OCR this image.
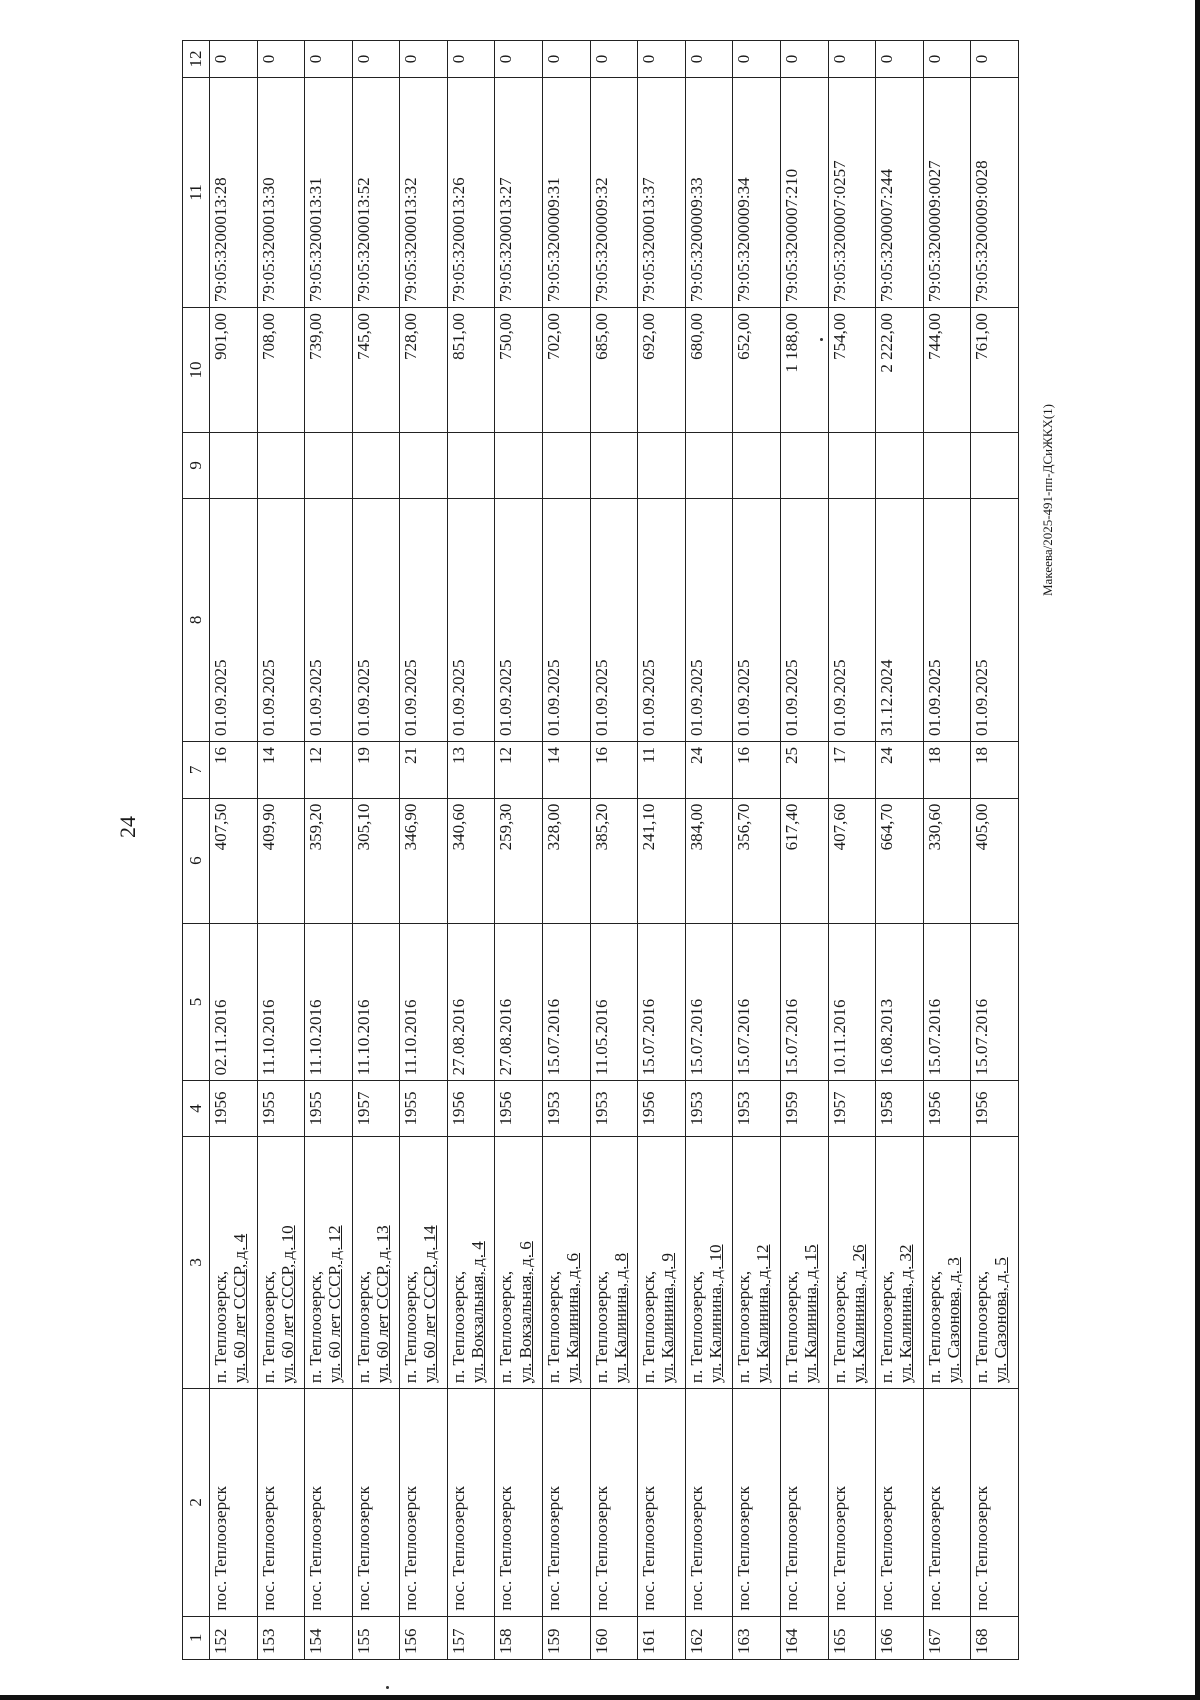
24
Макеева/2025-491-пп-ДСиЖКХ(1)
1	2	3	4	5	6	7	8	9	10	11	12
152	пос. Теплоозерск	п. Теплоозерск, ул. 60 лет СССР, д. 4	1956	02.11.2016	407,50	16	01.09.2025		901,00	79:05:3200013:28	0
153	пос. Теплоозерск	п. Теплоозерск, ул. 60 лет СССР, д. 10	1955	11.10.2016	409,90	14	01.09.2025		708,00	79:05:3200013:30	0
154	пос. Теплоозерск	п. Теплоозерск, ул. 60 лет СССР, д. 12	1955	11.10.2016	359,20	12	01.09.2025		739,00	79:05:3200013:31	0
155	пос. Теплоозерск	п. Теплоозерск, ул. 60 лет СССР, д. 13	1957	11.10.2016	305,10	19	01.09.2025		745,00	79:05:3200013:52	0
156	пос. Теплоозерск	п. Теплоозерск, ул. 60 лет СССР, д. 14	1955	11.10.2016	346,90	21	01.09.2025		728,00	79:05:3200013:32	0
157	пос. Теплоозерск	п. Теплоозерск, ул. Вокзальная, д. 4	1956	27.08.2016	340,60	13	01.09.2025		851,00	79:05:3200013:26	0
158	пос. Теплоозерск	п. Теплоозерск, ул. Вокзальная, д. 6	1956	27.08.2016	259,30	12	01.09.2025		750,00	79:05:3200013:27	0
159	пос. Теплоозерск	п. Теплоозерск, ул. Калинина, д. 6	1953	15.07.2016	328,00	14	01.09.2025		702,00	79:05:3200009:31	0
160	пос. Теплоозерск	п. Теплоозерск, ул. Калинина, д. 8	1953	11.05.2016	385,20	16	01.09.2025		685,00	79:05:3200009:32	0
161	пос. Теплоозерск	п. Теплоозерск, ул. Калинина, д. 9	1956	15.07.2016	241,10	11	01.09.2025		692,00	79:05:3200013:37	0
162	пос. Теплоозерск	п. Теплоозерск, ул. Калинина, д. 10	1953	15.07.2016	384,00	24	01.09.2025		680,00	79:05:3200009:33	0
163	пос. Теплоозерск	п. Теплоозерск, ул. Калинина, д. 12	1953	15.07.2016	356,70	16	01.09.2025		652,00	79:05:3200009:34	0
164	пос. Теплоозерск	п. Теплоозерск, ул. Калинина, д. 15	1959	15.07.2016	617,40	25	01.09.2025		1 188,00	79:05:3200007:210	0
165	пос. Теплоозерск	п. Теплоозерск, ул. Калинина, д. 26	1957	10.11.2016	407,60	17	01.09.2025		754,00	79:05:3200007:0257	0
166	пос. Теплоозерск	п. Теплоозерск, ул. Калинина, д. 32	1958	16.08.2013	664,70	24	31.12.2024		2 222,00	79:05:3200007:244	0
167	пос. Теплоозерск	п. Теплоозерск, ул. Сазонова, д. 3	1956	15.07.2016	330,60	18	01.09.2025		744,00	79:05:3200009:0027	0
168	пос. Теплоозерск	п. Теплоозерск, ул. Сазонова, д. 5	1956	15.07.2016	405,00	18	01.09.2025		761,00	79:05:3200009:0028	0
